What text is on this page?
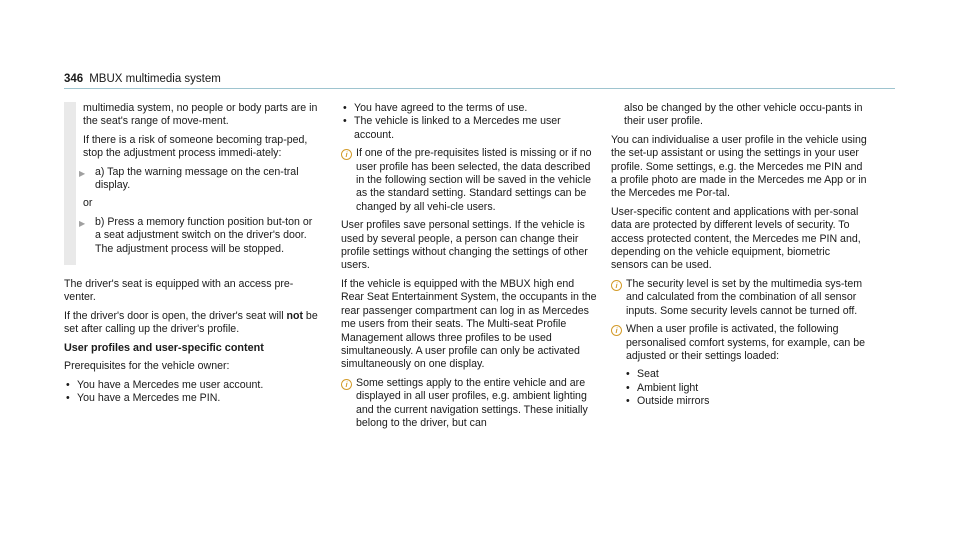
346 MBUX multimedia system

multimedia system, no people or body parts are in the seat's range of move-ment.

If there is a risk of someone becoming trap-ped, stop the adjustment process immedi-ately:

▶ a) Tap the warning message on the cen-tral display.

or

▶ b) Press a memory function position but-ton or a seat adjustment switch on the driver's door.
The adjustment process will be stopped.

The driver's seat is equipped with an access pre-venter.

If the driver's door is open, the driver's seat will not be set after calling up the driver's profile.

User profiles and user-specific content

Prerequisites for the vehicle owner:

• You have a Mercedes me user account.
• You have a Mercedes me PIN.
• You have agreed to the terms of use.
• The vehicle is linked to a Mercedes me user account.
i If one of the pre-requisites listed is missing or if no user profile has been selected, the data described in the following section will be saved in the vehicle as the standard setting. Standard settings can be changed by all vehi-cle users.

User profiles save personal settings. If the vehicle is used by several people, a person can change their profile settings without changing the settings of other users.

If the vehicle is equipped with the MBUX high end Rear Seat Entertainment System, the occupants in the rear passenger compartment can log in as Mercedes me users from their seats. The Multi-seat Profile Management allows three profiles to be used simultaneously. A user profile can only be activated simultaneously on one display.

i Some settings apply to the entire vehicle and are displayed in all user profiles, e.g. ambient lighting and the current navigation settings. These initially belong to the driver, but can

also be changed by the other vehicle occu-pants in their user profile.

You can individualise a user profile in the vehicle using the set-up assistant or using the settings in your user profile. Some settings, e.g. the Mercedes me PIN and a profile photo are made in the Mercedes me App or in the Mercedes me Por-tal.

User-specific content and applications with per-sonal data are protected by different levels of security. To access protected content, the Mercedes me PIN and, depending on the vehicle equipment, biometric sensors can be used.

i The security level is set by the multimedia sys-tem and calculated from the combination of all sensor inputs. Some security levels cannot be turned off.
i When a user profile is activated, the following personalised comfort systems, for example, can be adjusted or their settings loaded:
• Seat
• Ambient light
• Outside mirrors
